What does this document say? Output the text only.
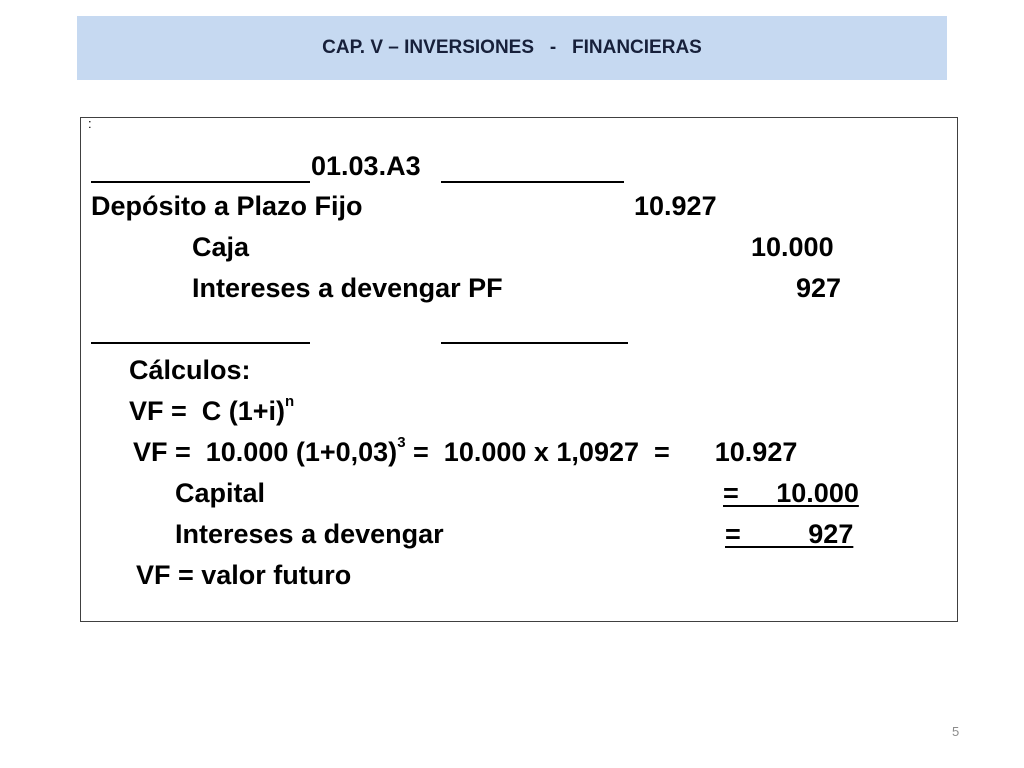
CAP. V – INVERSIONES   -   FINANCIERAS
:
01.03.A3
Depósito a Plazo Fijo	10.927
Caja	10.000
Intereses a devengar PF	927
Cálculos:
VF =  C $(1+i)^n$
VF =  10.000 $(1+0,03)^3 = 10.000$ x 1,0927  =      10.927
Capital	=     10.000
Intereses a devengar	=         927
VF = valor futuro
5
